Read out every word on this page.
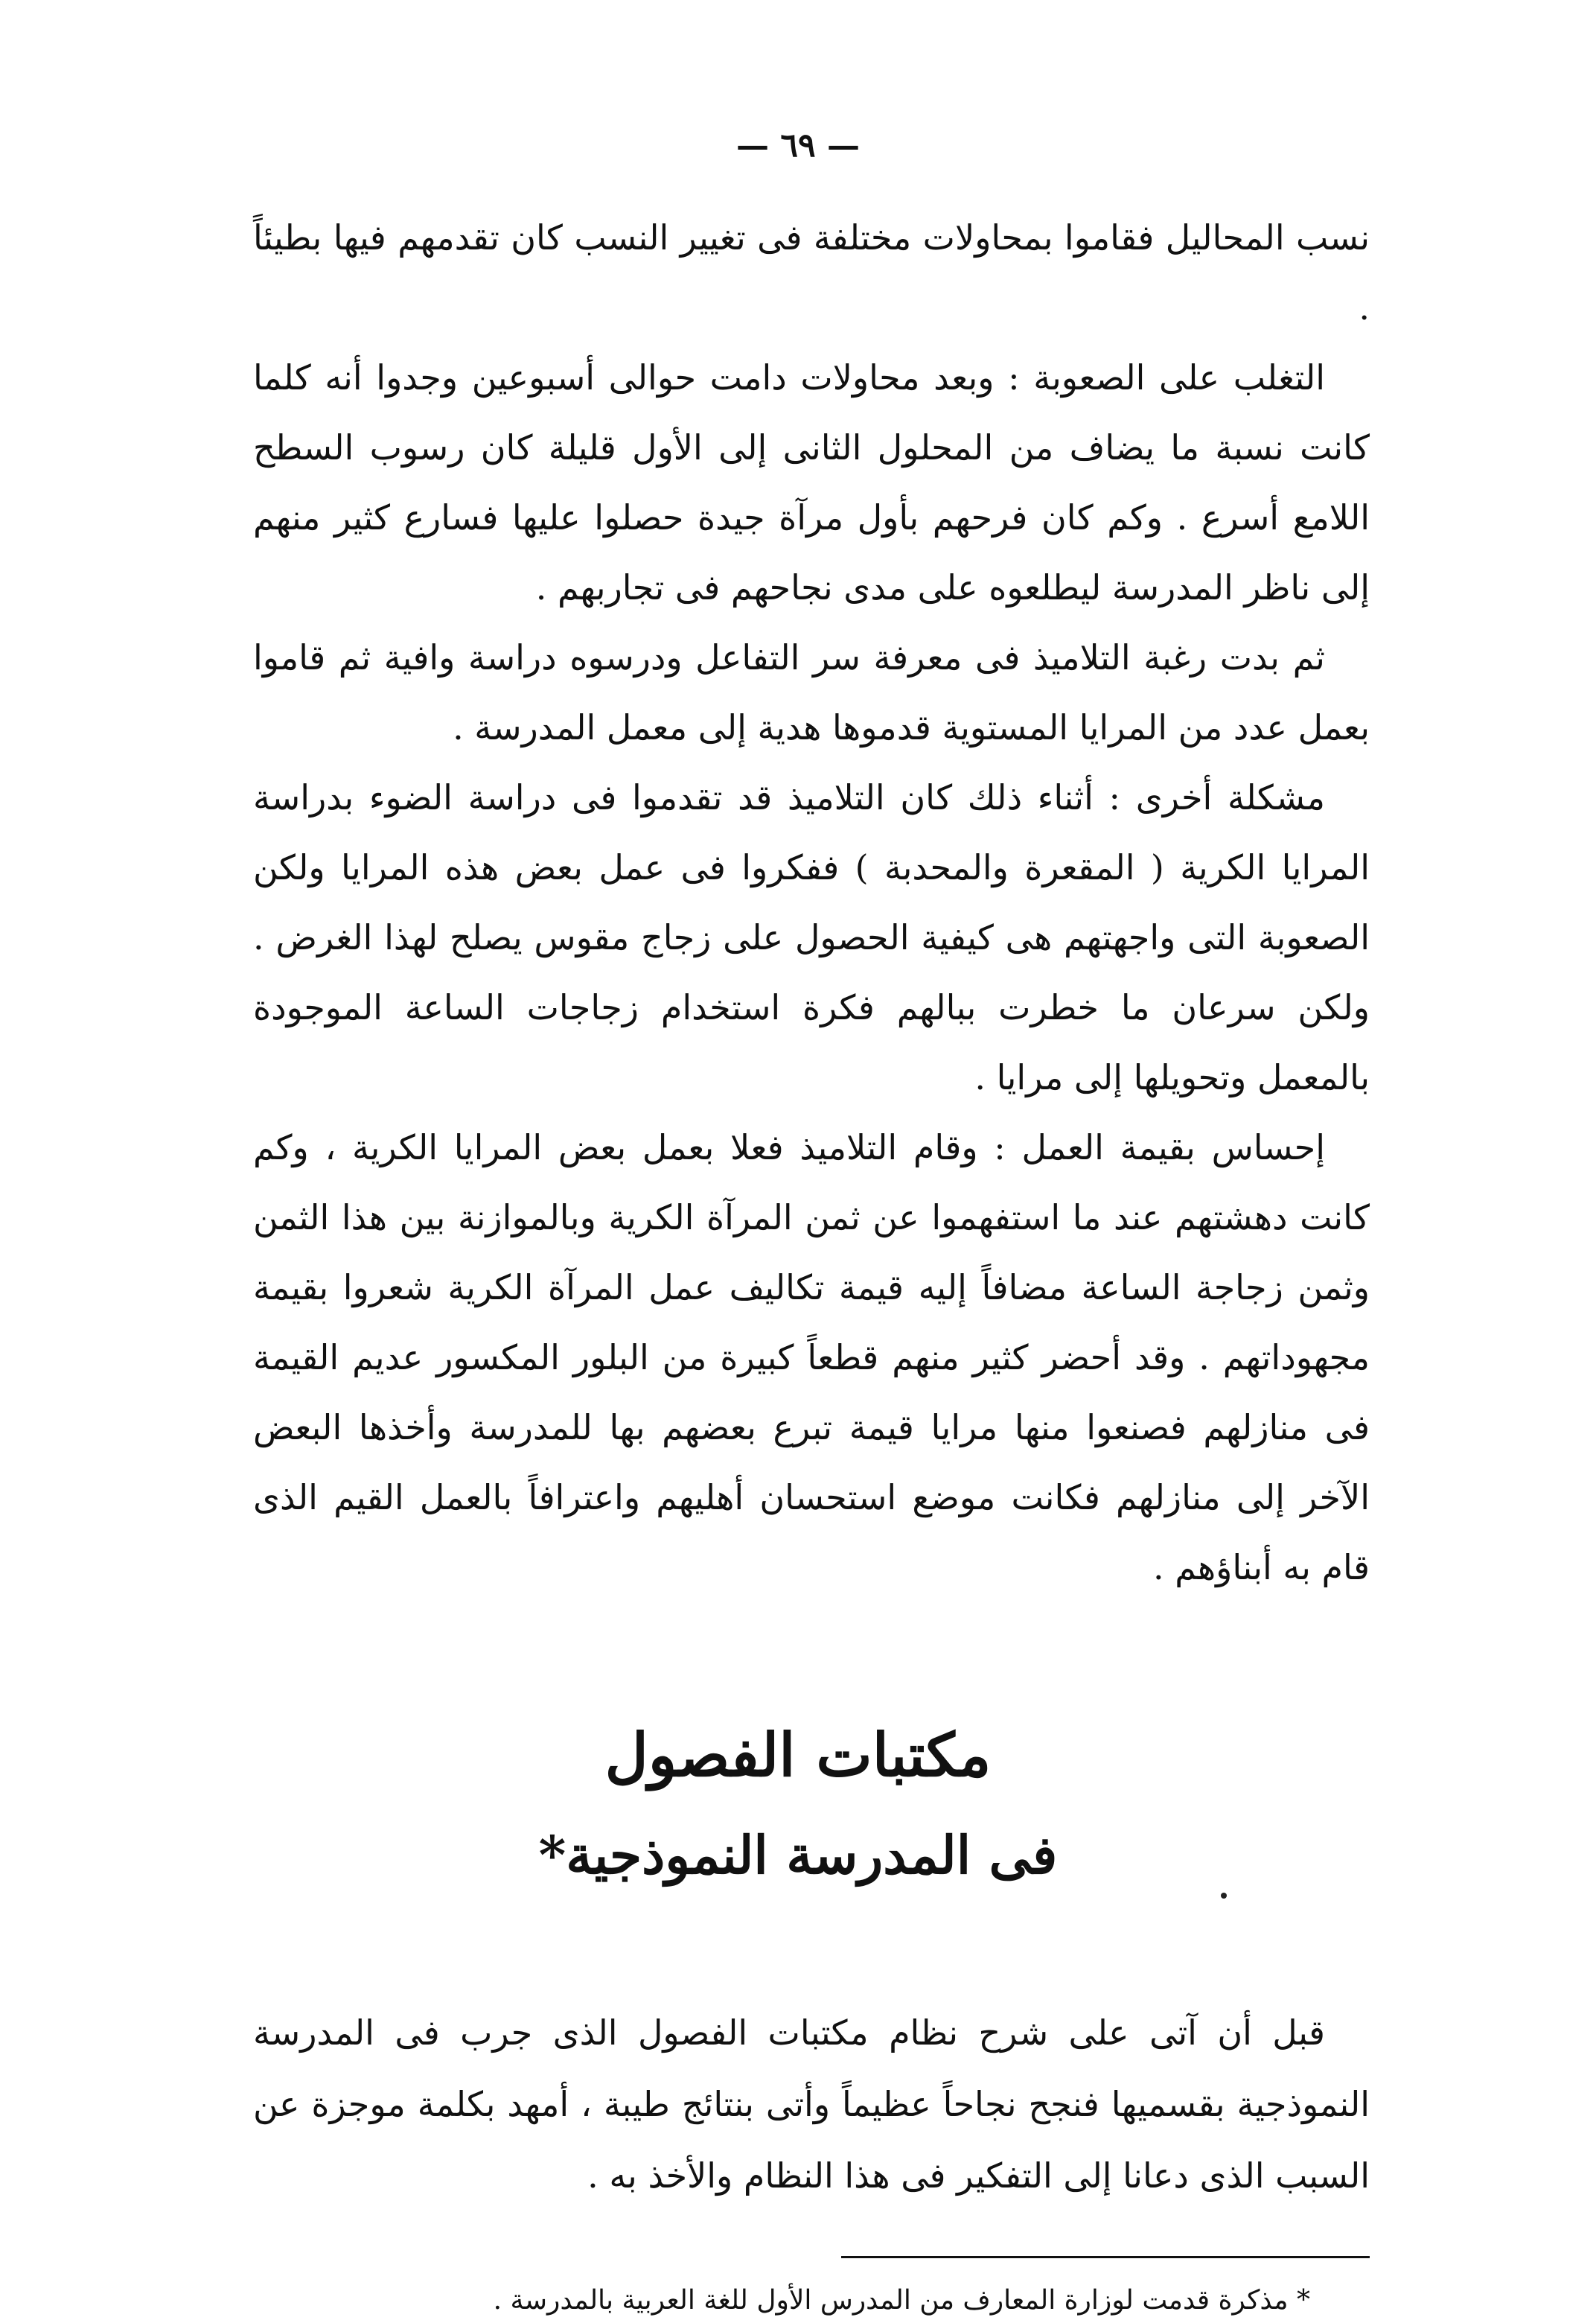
— ٦٩ —

نسب المحاليل فقاموا بمحاولات مختلفة فى تغيير النسب كان تقدمهم فيها بطيئاً .

التغلب على الصعوبة : وبعد محاولات دامت حوالى أسبوعين وجدوا أنه كلما كانت نسبة ما يضاف من المحلول الثانى إلى الأول قليلة كان رسوب السطح اللامع أسرع . وكم كان فرحهم بأول مرآة جيدة حصلوا عليها فسارع كثير منهم إلى ناظر المدرسة ليطلعوه على مدى نجاحهم فى تجاربهم .

ثم بدت رغبة التلاميذ فى معرفة سر التفاعل ودرسوه دراسة وافية ثم قاموا بعمل عدد من المرايا المستوية قدموها هدية إلى معمل المدرسة .

مشكلة أخرى : أثناء ذلك كان التلاميذ قد تقدموا فى دراسة الضوء بدراسة المرايا الكرية ( المقعرة والمحدبة ) ففكروا فى عمل بعض هذه المرايا ولكن الصعوبة التى واجهتهم هى كيفية الحصول على زجاج مقوس يصلح لهذا الغرض . ولكن سرعان ما خطرت ببالهم فكرة استخدام زجاجات الساعة الموجودة بالمعمل وتحويلها إلى مرايا .

إحساس بقيمة العمل : وقام التلاميذ فعلا بعمل بعض المرايا الكرية ، وكم كانت دهشتهم عند ما استفهموا عن ثمن المرآة الكرية وبالموازنة بين هذا الثمن وثمن زجاجة الساعة مضافاً إليه قيمة تكاليف عمل المرآة الكرية شعروا بقيمة مجهوداتهم . وقد أحضر كثير منهم قطعاً كبيرة من البلور المكسور عديم القيمة فى منازلهم فصنعوا منها مرايا قيمة تبرع بعضهم بها للمدرسة وأخذها البعض الآخر إلى منازلهم فكانت موضع استحسان أهليهم واعترافاً بالعمل القيم الذى قام به أبناؤهم .

مكتبات الفصول
فى المدرسة النموذجية*

قبل أن آتى على شرح نظام مكتبات الفصول الذى جرب فى المدرسة النموذجية بقسميها فنجح نجاحاً عظيماً وأتى بنتائج طيبة ، أمهد بكلمة موجزة عن السبب الذى دعانا إلى التفكير فى هذا النظام والأخذ به .

* مذكرة قدمت لوزارة المعارف من المدرس الأول للغة العربية بالمدرسة .
